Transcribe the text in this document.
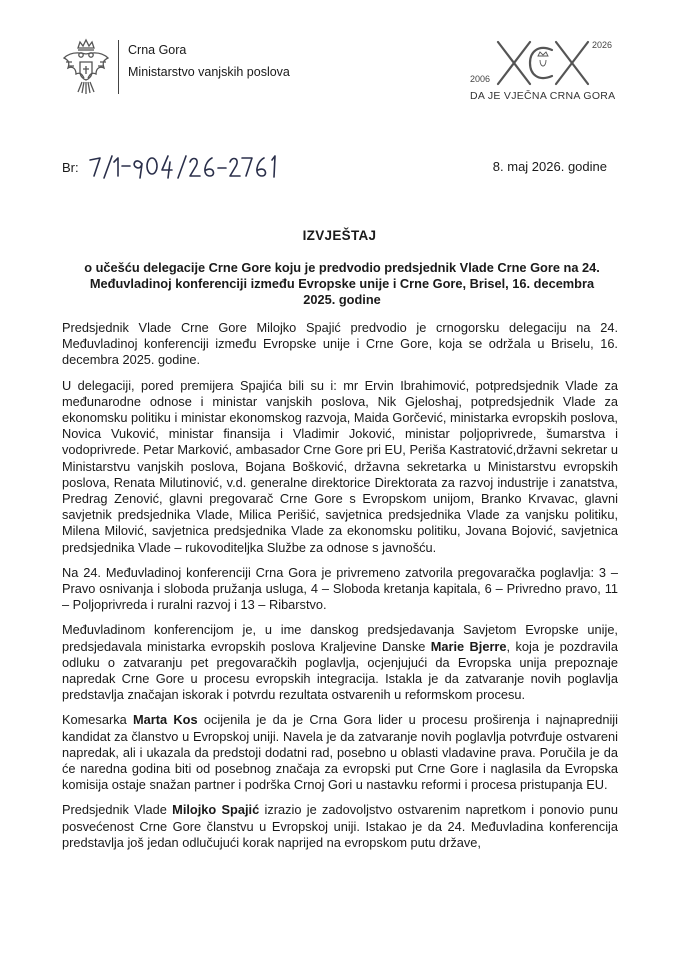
Crna Gora
Ministarstvo vanjskih poslova	2006
2026
DA JE VJEČNA CRNA GORA
Br:	8. maj 2026. godine
IZVJEŠTAJ
o učešću delegacije Crne Gore koju je predvodio predsjednik Vlade Crne Gore na 24. Međuvladinoj konferenciji između Evropske unije i Crne Gore, Brisel, 16. decembra 2025. godine

Predsjednik Vlade Crne Gore Milojko Spajić predvodio je crnogorsku delegaciju na 24. Međuvladinoj konferenciji između Evropske unije i Crne Gore, koja se održala u Briselu, 16. decembra 2025. godine.

U delegaciji, pored premijera Spajića bili su i: mr Ervin Ibrahimović, potpredsjednik Vlade za međunarodne odnose i ministar vanjskih poslova, Nik Gjeloshaj, potpredsjednik Vlade za ekonomsku politiku i ministar ekonomskog razvoja, Maida Gorčević, ministarka evropskih poslova, Novica Vuković, ministar finansija i Vladimir Joković, ministar poljoprivrede, šumarstva i vodoprivrede. Petar Marković, ambasador Crne Gore pri EU, Periša Kastratović,državni sekretar u Ministarstvu vanjskih poslova, Bojana Bošković, državna sekretarka u Ministarstvu evropskih poslova, Renata Milutinović, v.d. generalne direktorice Direktorata za razvoj industrije i zanatstva, Predrag Zenović, glavni pregovarač Crne Gore s Evropskom unijom, Branko Krvavac, glavni savjetnik predsjednika Vlade, Milica Perišić, savjetnica predsjednika Vlade za vanjsku politiku, Milena Milović, savjetnica predsjednika Vlade za ekonomsku politiku, Jovana Bojović, savjetnica predsjednika Vlade – rukovoditeljka Službe za odnose s javnošću.

Na 24. Međuvladinoj konferenciji Crna Gora je privremeno zatvorila pregovaračka poglavlja: 3 – Pravo osnivanja i sloboda pružanja usluga, 4 – Sloboda kretanja kapitala, 6 – Privredno pravo, 11 – Poljoprivreda i ruralni razvoj i 13 – Ribarstvo.

Međuvladinom konferencijom je, u ime danskog predsjedavanja Savjetom Evropske unije, predsjedavala ministarka evropskih poslova Kraljevine Danske Marie Bjerre, koja je pozdravila odluku o zatvaranju pet pregovaračkih poglavlja, ocjenjujući da Evropska unija prepoznaje napredak Crne Gore u procesu evropskih integracija. Istakla je da zatvaranje novih poglavlja predstavlja značajan iskorak i potvrdu rezultata ostvarenih u reformskom procesu.

Komesarka Marta Kos ocijenila je da je Crna Gora lider u procesu proširenja i najnapredniji kandidat za članstvo u Evropskoj uniji. Navela je da zatvaranje novih poglavlja potvrđuje ostvareni napredak, ali i ukazala da predstoji dodatni rad, posebno u oblasti vladavine prava. Poručila je da će naredna godina biti od posebnog značaja za evropski put Crne Gore i naglasila da Evropska komisija ostaje snažan partner i podrška Crnoj Gori u nastavku reformi i procesa pristupanja EU.

Predsjednik Vlade Milojko Spajić izrazio je zadovoljstvo ostvarenim napretkom i ponovio punu posvećenost Crne Gore članstvu u Evropskoj uniji. Istakao je da 24. Međuvladina konferencija predstavlja još jedan odlučujući korak naprijed na evropskom putu države,
